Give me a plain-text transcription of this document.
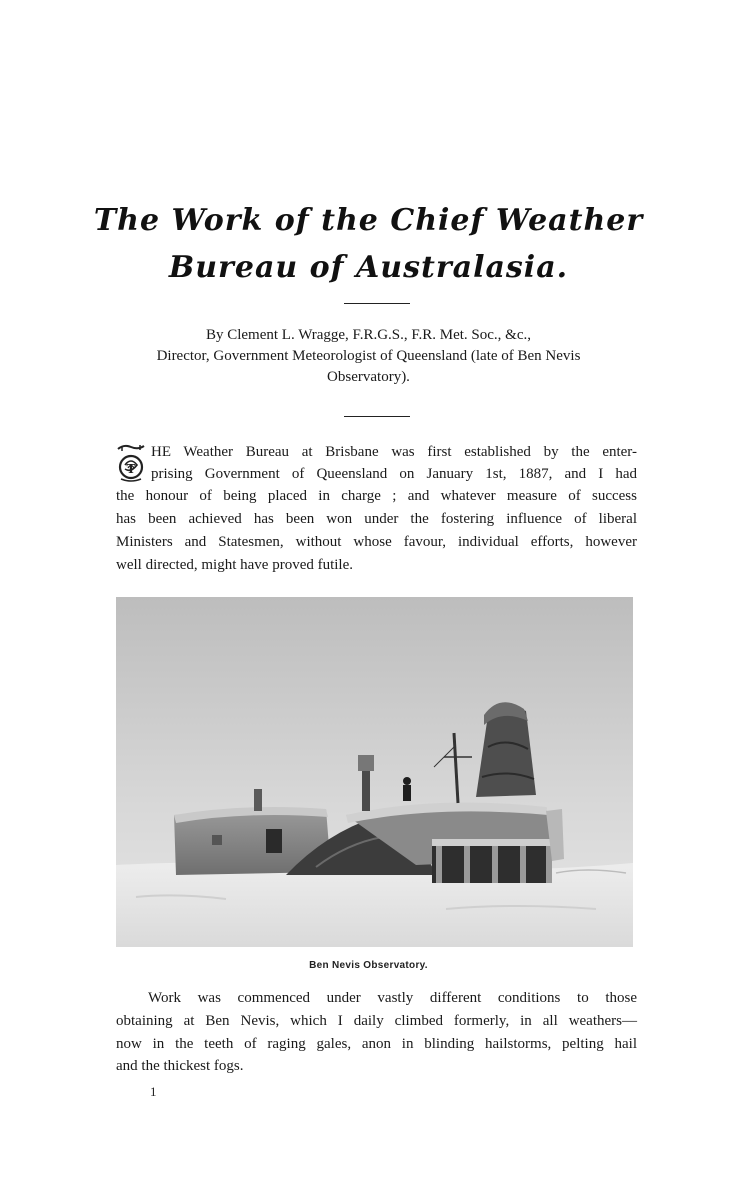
The Work of the Chief Weather
Bureau of Australasia.
By Clement L. Wragge, F.R.G.S., F.R. Met. Soc., &c.,
Director, Government Meteorologist of Queensland (late of Ben Nevis
Observatory).
T
HE Weather Bureau at Brisbane was first established by the enter-
prising Government of Queensland on January 1st, 1887, and I had
the honour of being placed in charge ; and whatever measure of success
has been achieved has been won under the fostering influence of liberal
Ministers and Statesmen, without whose favour, individual efforts, however
well directed, might have proved futile.
Ben Nevis Observatory.
Work was commenced under vastly different conditions to those
obtaining at Ben Nevis, which I daily climbed formerly, in all weathers—
now in the teeth of raging gales, anon in blinding hailstorms, pelting hail
and the thickest fogs.
1
